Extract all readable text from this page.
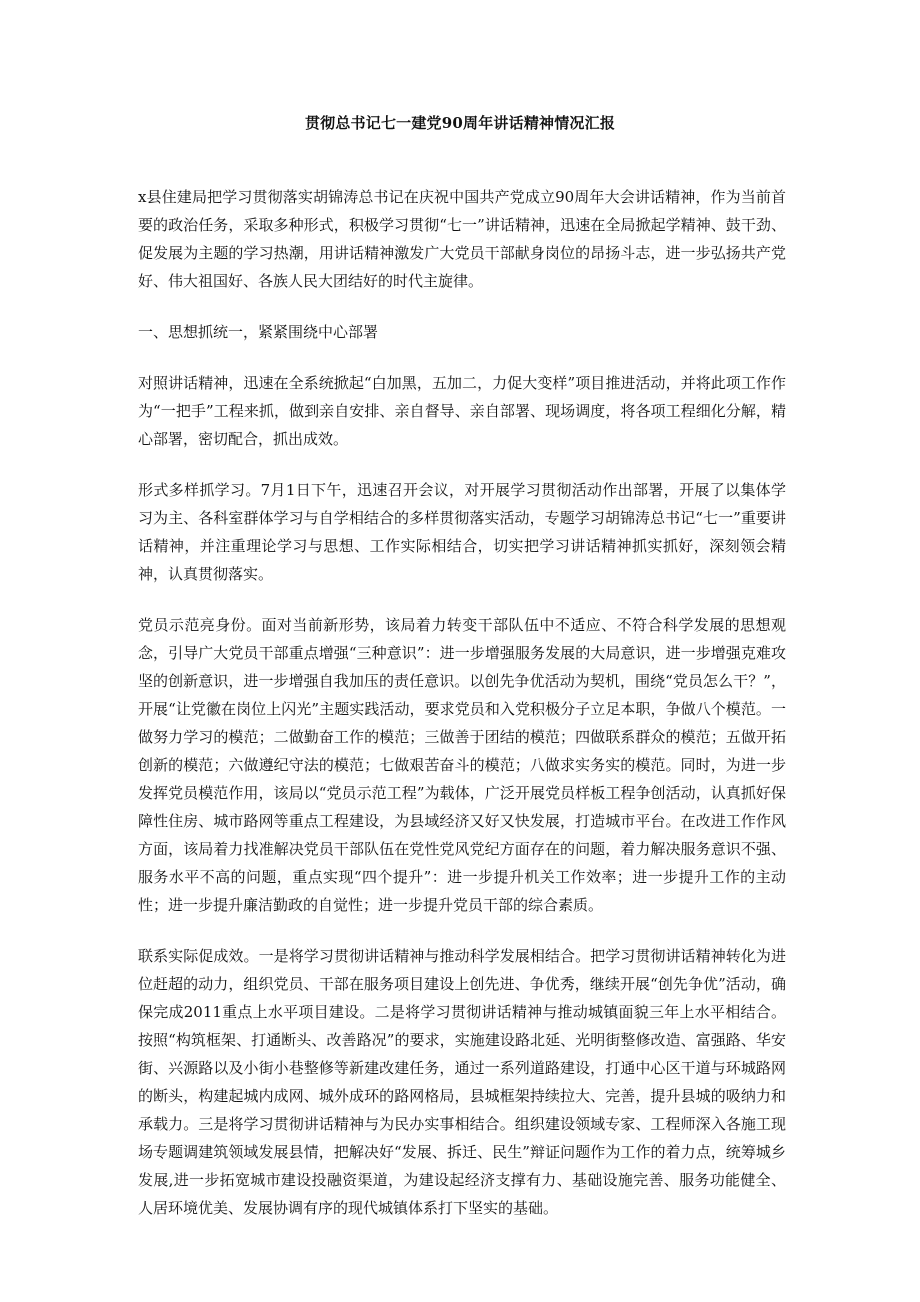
贯彻总书记七一建党90周年讲话精神情况汇报

x县住建局把学习贯彻落实胡锦涛总书记在庆祝中国共产党成立90周年大会讲话精神，作为当前首要的政治任务，采取多种形式，积极学习贯彻“七一”讲话精神，迅速在全局掀起学精神、鼓干劲、促发展为主题的学习热潮，用讲话精神激发广大党员干部献身岗位的昂扬斗志，进一步弘扬共产党好、伟大祖国好、各族人民大团结好的时代主旋律。

一、思想抓统一，紧紧围绕中心部署

对照讲话精神，迅速在全系统掀起“白加黑，五加二，力促大变样”项目推进活动，并将此项工作作为“一把手”工程来抓，做到亲自安排、亲自督导、亲自部署、现场调度，将各项工程细化分解，精心部署，密切配合，抓出成效。

形式多样抓学习。7月1日下午，迅速召开会议，对开展学习贯彻活动作出部署，开展了以集体学习为主、各科室群体学习与自学相结合的多样贯彻落实活动，专题学习胡锦涛总书记“七一”重要讲话精神，并注重理论学习与思想、工作实际相结合，切实把学习讲话精神抓实抓好，深刻领会精神，认真贯彻落实。

党员示范亮身份。面对当前新形势，该局着力转变干部队伍中不适应、不符合科学发展的思想观念，引导广大党员干部重点增强“三种意识”：进一步增强服务发展的大局意识，进一步增强克难攻坚的创新意识，进一步增强自我加压的责任意识。以创先争优活动为契机，围绕“党员怎么干？”，开展“让党徽在岗位上闪光”主题实践活动，要求党员和入党积极分子立足本职，争做八个模范。一做努力学习的模范；二做勤奋工作的模范；三做善于团结的模范；四做联系群众的模范；五做开拓创新的模范；六做遵纪守法的模范；七做艰苦奋斗的模范；八做求实务实的模范。同时，为进一步发挥党员模范作用，该局以“党员示范工程”为载体，广泛开展党员样板工程争创活动，认真抓好保障性住房、城市路网等重点工程建设，为县域经济又好又快发展，打造城市平台。在改进工作作风方面，该局着力找准解决党员干部队伍在党性党风党纪方面存在的问题，着力解决服务意识不强、服务水平不高的问题，重点实现“四个提升”：进一步提升机关工作效率；进一步提升工作的主动性；进一步提升廉洁勤政的自觉性；进一步提升党员干部的综合素质。

联系实际促成效。一是将学习贯彻讲话精神与推动科学发展相结合。把学习贯彻讲话精神转化为进位赶超的动力，组织党员、干部在服务项目建设上创先进、争优秀，继续开展“创先争优”活动，确保完成2011重点上水平项目建设。二是将学习贯彻讲话精神与推动城镇面貌三年上水平相结合。按照“构筑框架、打通断头、改善路况”的要求，实施建设路北延、光明街整修改造、富强路、华安街、兴源路以及小街小巷整修等新建改建任务，通过一系列道路建设，打通中心区干道与环城路网的断头，构建起城内成网、城外成环的路网格局，县城框架持续拉大、完善，提升县城的吸纳力和承载力。三是将学习贯彻讲话精神与为民办实事相结合。组织建设领域专家、工程师深入各施工现场专题调建筑领域发展县情，把解决好“发展、拆迁、民生”辩证问题作为工作的着力点，统筹城乡发展,进一步拓宽城市建设投融资渠道，为建设起经济支撑有力、基础设施完善、服务功能健全、人居环境优美、发展协调有序的现代城镇体系打下坚实的基础。
